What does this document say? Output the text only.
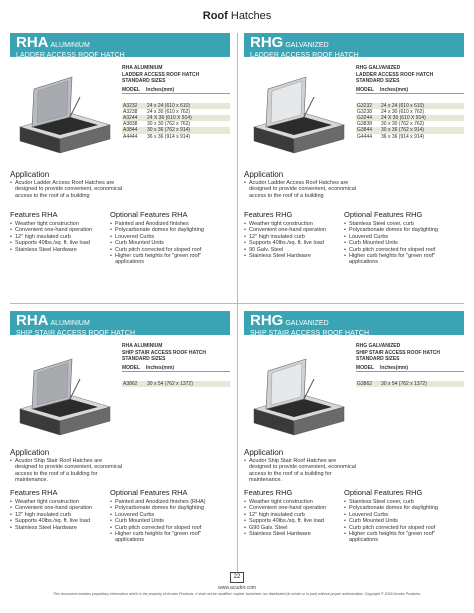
Roof Hatches
RHA ALUMINIUM
LADDER ACCESS ROOF HATCH
RHA ALUMINIUM
LADDER ACCESS ROOF HATCH
STANDARD SIZES
MODEL	Inches(mm)
A3232	24 x 24 (610 x 610)
A3238	24 x 30 (610 x 762)
A3244	24 X 36 (610 X 914)
A3838	30 x 30 (762 x 762)
A3844	30 x 36 (762 x 914)
A4444	36 x 36 (914 x 914)
Application
• Acudor Ladder Access Roof Hatches are designed to provide convenient, economical access to the roof of a building
Features RHA
• Weather tight construction
• Convenient one-hand operation
• 12" high insulated curb
• Supports 40lbs./sq. ft. live load
• Stainless Steel Hardware
Optional Features RHA
• Painted and Anodized finishes
• Polycarbonate domes for daylighting
• Louvered Curbs
• Curb Mounted Units
• Curb pitch corrected for sloped roof
• Higher curb heights for "green roof" applications
RHG GALVANIZED
LADDER ACCESS ROOF HATCH
RHG GALVANIZED
LADDER ACCESS ROOF HATCH
STANDARD SIZES
MODEL	Inches(mm)
G3232	24 x 24 (610 x 610)
G3238	24 x 30 (610 x 762)
G3244	24 X 36 (610 X 914)
G3838	30 x 30 (762 x 762)
G3844	30 x 36 (762 x 914)
G4444	36 x 36 (914 x 914)
Application
• Acudor Ladder Access Roof Hatches are designed to provide convenient, economical access to the roof of a building
Features RHG
• Weather tight construction
• Convenient one-hand operation
• 12" high insulated curb
• Supports 40lbs./sq. ft. live load
• 90 Galv. Steel
• Stainless Steel Hardware
Optional Features RHG
• Stainless Steel cover, curb
• Polycarbonate domes for daylighting
• Louvered Curbs
• Curb Mounted Units
• Curb pitch corrected for sloped roof
• Higher curb heights for "green roof" applications
RHA ALUMINIUM
SHIP STAIR ACCESS ROOF HATCH
RHA ALUMINIUM
SHIP STAIR ACCESS ROOF HATCH
STANDARD SIZES
MODEL	Inches(mm)
A3862	30 x 54 (762 x 1372)
Application
• Acudor Ship Stair Roof Hatches are designed to provide convenient, economical access to the roof of a building for maintenance.
Features RHA
• Weather tight construction
• Convenient one-hand operation
• 12" high insulated curb
• Supports 40lbs./sq. ft. live load
• Stainless Steel Hardware
Optional Features RHA
• Painted and Anodized finishes (RHA)
• Polycarbonate domes for daylighting
• Louvered Curbs
• Curb Mounted Units
• Curb pitch corrected for sloped roof
• Higher curb heights for "green roof" applications
RHG GALVANIZED
SHIP STAIR ACCESS ROOF HATCH
RHG GALVANIZED
SHIP STAIR ACCESS ROOF HATCH
STANDARD SIZES
MODEL	Inches(mm)
G3862	30 x 54 (762 x 1372)
Application
• Acudor Ship Stair Roof Hatches are designed to provide convenient, economical access to the roof of a building for maintenance.
Features RHG
• Weather tight construction
• Convenient one-hand operation
• 12" high insulated curb
• Supports 40lbs./sq. ft. live load
• G90 Galv. Steel
• Stainless Steel Hardware
Optional Features RHG
• Stainless Steel cover, curb
• Polycarbonate domes for daylighting
• Louvered Curbs
• Curb Mounted Units
• Curb pitch corrected for sloped roof
• Higher curb heights for "green roof" applications
22
www.acudor.com
This document contains proprietary information which is the property of Acudor Products. It shall not be modified, copied, furnished, nor distributed (in whole or in part) without proper authorization. Copyright © 2018 Acudor Products.
